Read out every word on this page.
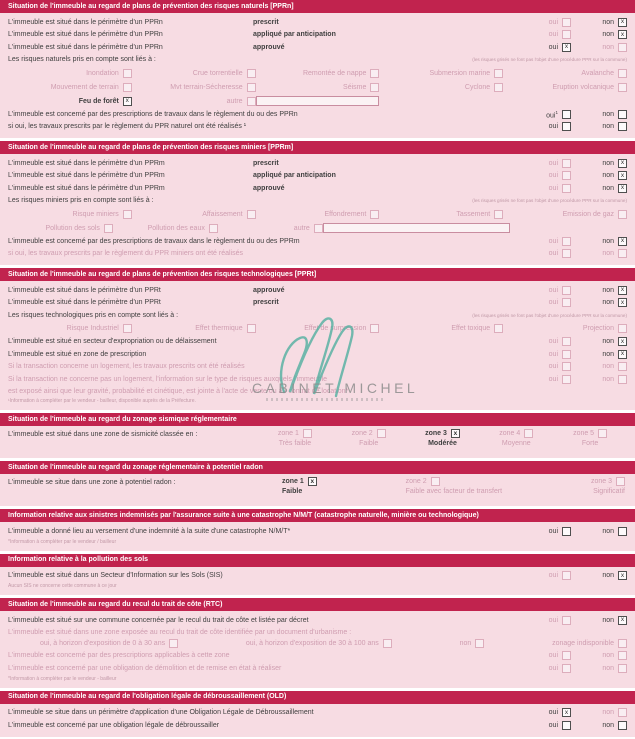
Situation de l'immeuble au regard de plans de prévention des risques naturels [PPRn]
L'immeuble est situé dans le périmètre d'un PPRn	prescrit	oui	non	x
L'immeuble est situé dans le périmètre d'un PPRn	appliqué par anticipation	oui	non	x
L'immeuble est situé dans le périmètre d'un PPRn	approuvé	oui	x	non
Les risques naturels pris en compte sont liés à :	(les risques grisés ne font pas l'objet d'une procédure PPR sur la commune)
Inondation	Crue torrentielle	Remontée de nappe	Submersion marine	Avalanche
Mouvement de terrain	Mvt terrain-Sécheresse	Séisme	Cyclone	Eruption volcanique
Feu de forêt	x	autre
L'immeuble est concerné par des prescriptions de travaux dans le règlement du ou des PPRn	oui$^1$	non
si oui, les travaux prescrits par le règlement du PPR naturel ont été réalisés ¹	oui	non
Situation de l'immeuble au regard de plans de prévention des risques miniers [PPRm]
L'immeuble est situé dans le périmètre d'un PPRm	prescrit	oui	non	x
L'immeuble est situé dans le périmètre d'un PPRm	appliqué par anticipation	oui	non	x
L'immeuble est situé dans le périmètre d'un PPRm	approuvé	oui	non	x
Les risques miniers pris en compte sont liés à :	(les risques grisés ne font pas l'objet d'une procédure PPR sur la commune)
Risque miniers	Affaissement	Effondrement	Tassement	Emission de gaz
Pollution des sols	Pollution des eaux	autre
L'immeuble est concerné par des prescriptions de travaux dans le règlement du ou des PPRm	oui	non	x
si oui, les travaux prescrits par le règlement du PPR miniers ont été réalisés	oui	non
Situation de l'immeuble au regard de plans de prévention des risques technologiques [PPRt]
L'immeuble est situé dans le périmètre d'un PPRt	approuvé	oui	non	x
L'immeuble est situé dans le périmètre d'un PPRt	prescrit	oui	non	x
Les risques technologiques pris en compte sont liés à :	(les risques grisés ne font pas l'objet d'une procédure PPR sur la commune)
Risque Industriel	Effet thermique	Effet de surpression	Effet toxique	Projection
L'immeuble est situé en secteur d'expropriation ou de délaissement	oui	non	x
L'immeuble est situé en zone de prescription	oui	non	x
Si la transaction concerne un logement, les travaux prescrits ont été réalisés	oui	non
Si la transaction ne concerne pas un logement, l'information sur le type de risques auxquels l'immeuble	oui	non
est exposé ainsi que leur gravité, probabilité et cinétique, est jointe à l'acte de vente ou au contrat de location*
¹Information à compléter par le vendeur - bailleur, disponible auprès de la Préfecture.
Situation de l'immeuble au regard du zonage sismique réglementaire
L'immeuble est situé dans une zone de sismicité classée en :	zone 1
Très faible
zone 2
Faible
zone 3	x
Modérée
zone 4
Moyenne
zone 5
Forte
Situation de l'immeuble au regard du zonage réglementaire à potentiel radon
L'immeuble se situe dans une zone à potentiel radon :	zone 1	x
Faible
zone 2
Faible avec facteur de transfert
zone 3
Significatif
Information relative aux sinistres indemnisés par l'assurance suite à une catastrophe N/M/T (catastrophe naturelle, minière ou technologique)
L'immeuble a donné lieu au versement d'une indemnité à la suite d'une catastrophe N/M/T*	oui	non
*Information à compléter par le vendeur / bailleur
Information relative à la pollution des sols
L'immeuble est situé dans un Secteur d'Information sur les Sols (SIS)	oui	non	x
Aucun SIS ne concerne cette commune à ce jour
Situation de l'immeuble au regard du recul du trait de côte (RTC)
L'immeuble est situé sur une commune concernée par le recul du trait de côte et listée par décret	oui	non	x
L'immeuble est situé dans une zone exposée au recul du trait de côte identifiée par un document d'urbanisme :
oui, à horizon d'exposition de 0 à 30 ans	oui, à horizon d'exposition de 30 à 100 ans	non	zonage indisponible
L'immeuble est concerné par des prescriptions applicables à cette zone	oui	non
L'immeuble est concerné par une obligation de démolition et de remise en état à réaliser	oui	non
*Information à compléter par le vendeur - bailleur
Situation de l'immeuble au regard de l'obligation légale de débroussaillement (OLD)
L'immeuble se situe dans un périmètre d'application d'une Obligation Légale de Débroussaillement	oui	x	non
L'immeuble est concerné par une obligation légale de débroussailler	oui	non
CABINET MICHEL
